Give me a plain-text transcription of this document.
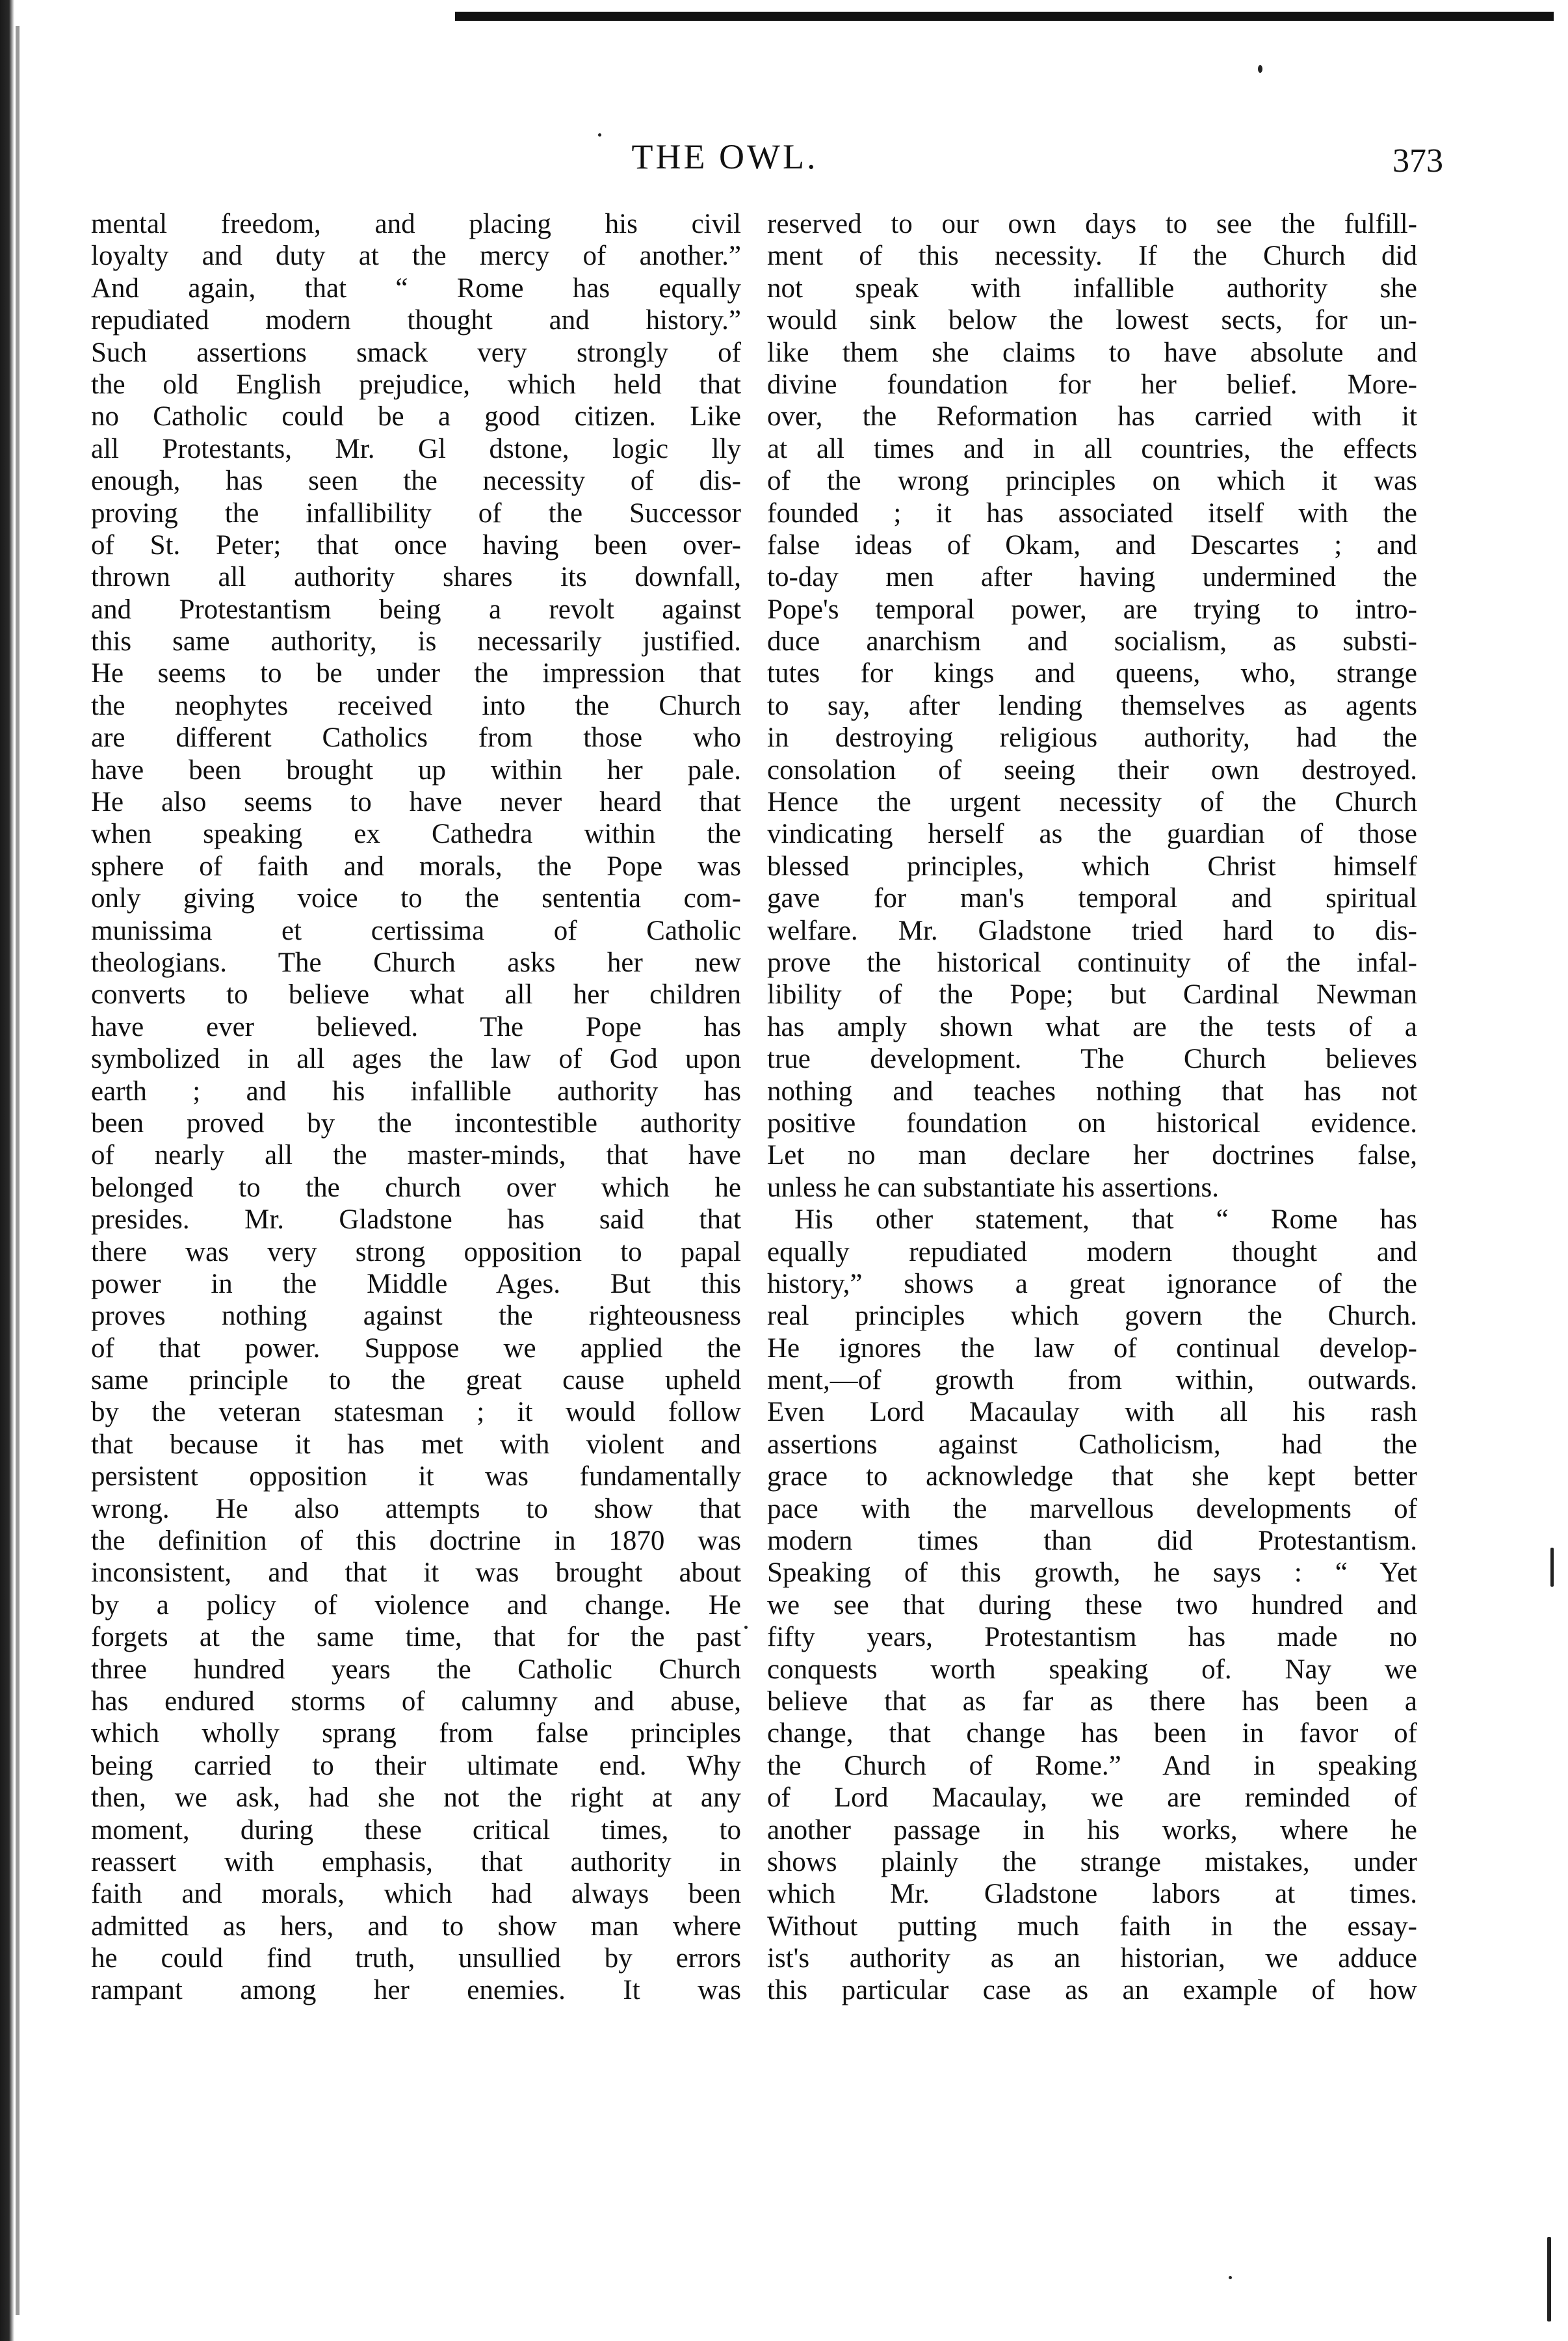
THE OWL.	373
mental freedom, and placing his civil
loyalty and duty at the mercy of another.”
And again, that “ Rome has equally
repudiated modern thought and history.”
Such assertions smack very strongly of
the old English prejudice, which held that
no Catholic could be a good citizen. Like
all Protestants, Mr. Gl dstone, logic lly
enough, has seen the necessity of dis-
proving the infallibility of the Successor
of St. Peter; that once having been over-
thrown all authority shares its downfall,
and Protestantism being a revolt against
this same authority, is necessarily justified.
He seems to be under the impression that
the neophytes received into the Church
are different Catholics from those who
have been brought up within her pale.
He also seems to have never heard that
when speaking ex Cathedra within the
sphere of faith and morals, the Pope was
only giving voice to the sententia com-
munissima et certissima of Catholic
theologians. The Church asks her new
converts to believe what all her children
have ever believed. The Pope has
symbolized in all ages the law of God upon
earth ; and his infallible authority has
been proved by the incontestible authority
of nearly all the master-minds, that have
belonged to the church over which he
presides. Mr. Gladstone has said that
there was very strong opposition to papal
power in the Middle Ages. But this
proves nothing against the righteousness
of that power. Suppose we applied the
same principle to the great cause upheld
by the veteran statesman ; it would follow
that because it has met with violent and
persistent opposition it was fundamentally
wrong. He also attempts to show that
the definition of this doctrine in 1870 was
inconsistent, and that it was brought about
by a policy of violence and change. He
forgets at the same time, that for the past
three hundred years the Catholic Church
has endured storms of calumny and abuse,
which wholly sprang from false principles
being carried to their ultimate end. Why
then, we ask, had she not the right at any
moment, during these critical times, to
reassert with emphasis, that authority in
faith and morals, which had always been
admitted as hers, and to show man where
he could find truth, unsullied by errors
rampant among her enemies. It was
reserved to our own days to see the fulfill-
ment of this necessity. If the Church did
not speak with infallible authority she
would sink below the lowest sects, for un-
like them she claims to have absolute and
divine foundation for her belief. More-
over, the Reformation has carried with it
at all times and in all countries, the effects
of the wrong principles on which it was
founded ; it has associated itself with the
false ideas of Okam, and Descartes ; and
to-day men after having undermined the
Pope's temporal power, are trying to intro-
duce anarchism and socialism, as substi-
tutes for kings and queens, who, strange
to say, after lending themselves as agents
in destroying religious authority, had the
consolation of seeing their own destroyed.
Hence the urgent necessity of the Church
vindicating herself as the guardian of those
blessed principles, which Christ himself
gave for man's temporal and spiritual
welfare. Mr. Gladstone tried hard to dis-
prove the historical continuity of the infal-
libility of the Pope; but Cardinal Newman
has amply shown what are the tests of a
true development. The Church believes
nothing and teaches nothing that has not
positive foundation on historical evidence.
Let no man declare her doctrines false,
unless he can substantiate his assertions.
His other statement, that “ Rome has
equally repudiated modern thought and
history,” shows a great ignorance of the
real principles which govern the Church.
He ignores the law of continual develop-
ment,—of growth from within, outwards.
Even Lord Macaulay with all his rash
assertions against Catholicism, had the
grace to acknowledge that she kept better
pace with the marvellous developments of
modern times than did Protestantism.
Speaking of this growth, he says : “ Yet
we see that during these two hundred and
fifty years, Protestantism has made no
conquests worth speaking of. Nay we
believe that as far as there has been a
change, that change has been in favor of
the Church of Rome.” And in speaking
of Lord Macaulay, we are reminded of
another passage in his works, where he
shows plainly the strange mistakes, under
which Mr. Gladstone labors at times.
Without putting much faith in the essay-
ist's authority as an historian, we adduce
this particular case as an example of how
